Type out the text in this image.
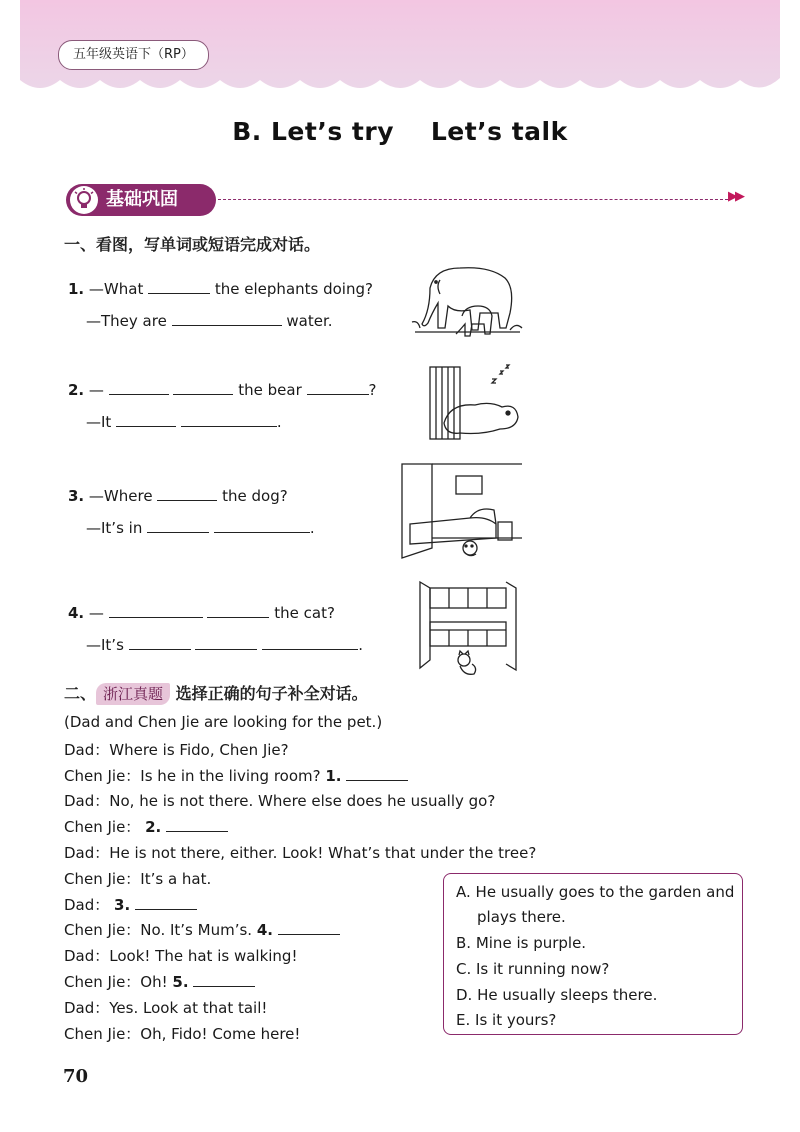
五年级英语下（RP）
B. Let’s try    Let’s talk
基础巩固	▶▶
一、看图，写单词或短语完成对话。
1. —What	the elephants doing?
—They are	water.
2. —	the bear	?
—It	.
3. —Where	the dog?
—It’s in	.
4. —	the cat?
—It’s	.
二、 浙江真题 选择正确的句子补全对话。
(Dad and Chen Jie are looking for the pet.)
Dad：Where is Fido, Chen Jie?
Chen Jie：Is he in the living room? 1.
Dad：No, he is not there. Where else does he usually go?
Chen Jie： 2.
Dad：He is not there, either. Look! What’s that under the tree?
Chen Jie：It’s a hat.
Dad： 3.
Chen Jie：No. It’s Mum’s. 4.
Dad：Look! The hat is walking!
Chen Jie：Oh! 5.
Dad：Yes. Look at that tail!
Chen Jie：Oh, Fido! Come here!
A. He usually goes to the garden and
plays there.
B. Mine is purple.
C. Is it running now?
D. He usually sleeps there.
E. Is it yours?
70
